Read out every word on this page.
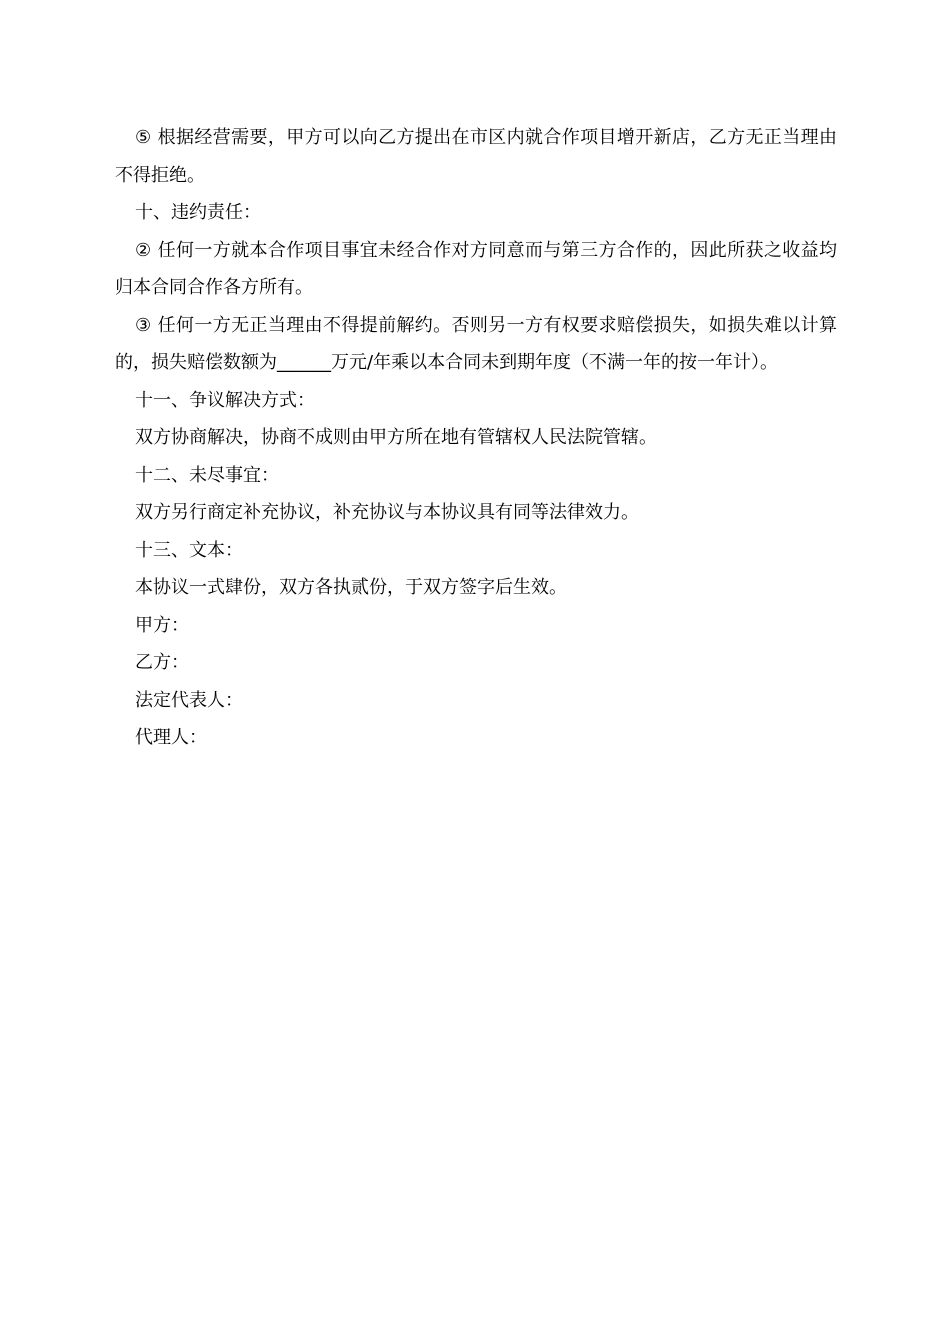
⑤ 根据经营需要，甲方可以向乙方提出在市区内就合作项目增开新店，乙方无正当理由不得拒绝。

十、违约责任：

② 任何一方就本合作项目事宜未经合作对方同意而与第三方合作的，因此所获之收益均归本合同合作各方所有。

③ 任何一方无正当理由不得提前解约。否则另一方有权要求赔偿损失，如损失难以计算的，损失赔偿数额为______万元/年乘以本合同未到期年度（不满一年的按一年计）。

十一、争议解决方式：

双方协商解决，协商不成则由甲方所在地有管辖权人民法院管辖。

十二、未尽事宜：

双方另行商定补充协议，补充协议与本协议具有同等法律效力。

十三、文本：

本协议一式肆份，双方各执贰份，于双方签字后生效。

甲方：

乙方：

法定代表人：

代理人：
